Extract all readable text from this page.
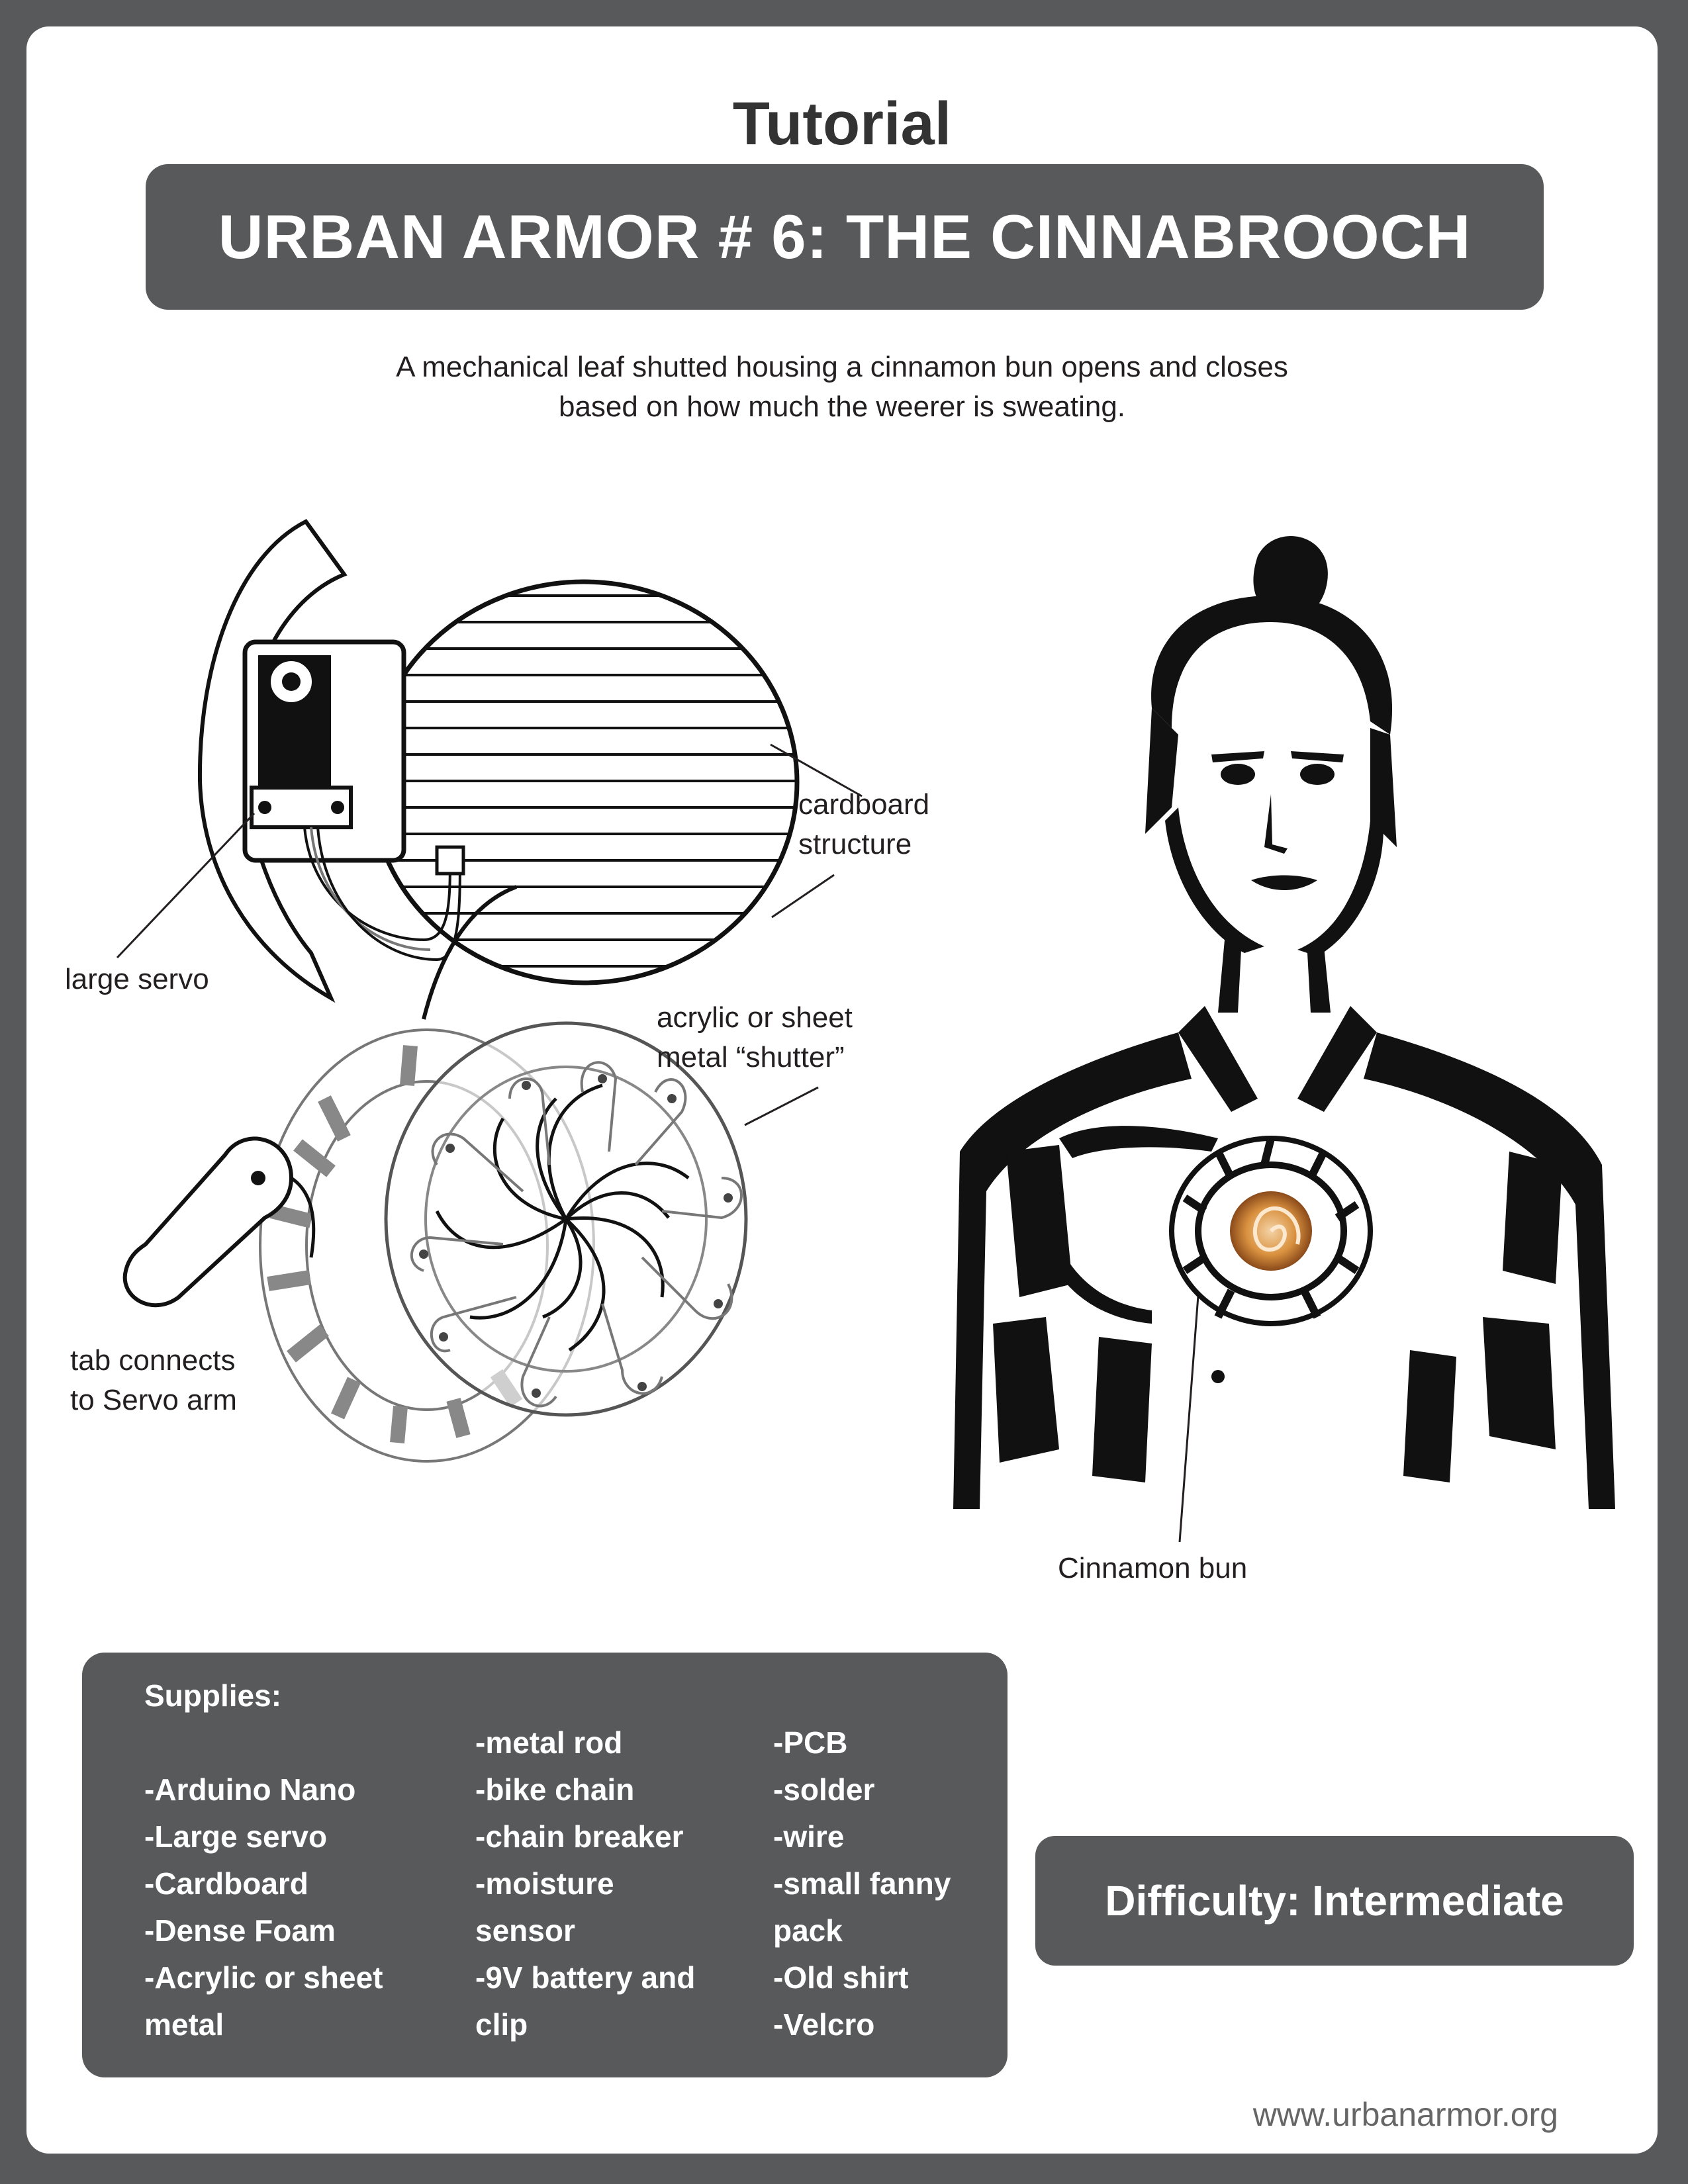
Tutorial

URBAN ARMOR # 6: THE CINNABROOCH

A mechanical leaf shutted housing a cinnamon bun opens and closes

based on how much the weerer is sweating.

cardboard
structure
large servo
acrylic or sheet
metal “shutter”
tab connects
to Servo arm
Cinnamon bun
Supplies:
-Arduino Nano
-Large servo
-Cardboard
-Dense Foam
-Acrylic or sheet
metal
-metal rod
-bike chain
-chain breaker
-moisture
sensor
-9V battery and
clip
-PCB
-solder
-wire
-small fanny
pack
-Old shirt
-Velcro
Difficulty: Intermediate

www.urbanarmor.org
